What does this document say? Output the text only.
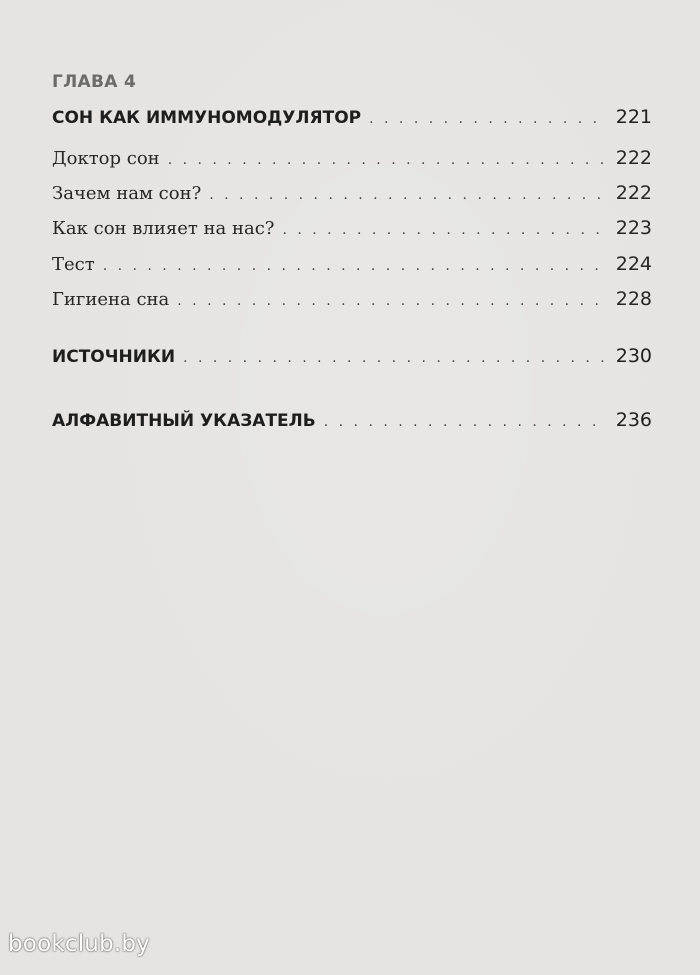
ГЛАВА 4
СОН КАК ИММУНОМОДУЛЯТОР . . .	221
Доктор сон . . .	222
Зачем нам сон? . . .	222
Как сон влияет на нас? . . .	223
Тест . . .	224
Гигиена сна . . .	228
ИСТОЧНИКИ . . .	230
АЛФАВИТНЫЙ УКАЗАТЕЛЬ . . .	236
bookclub.by
